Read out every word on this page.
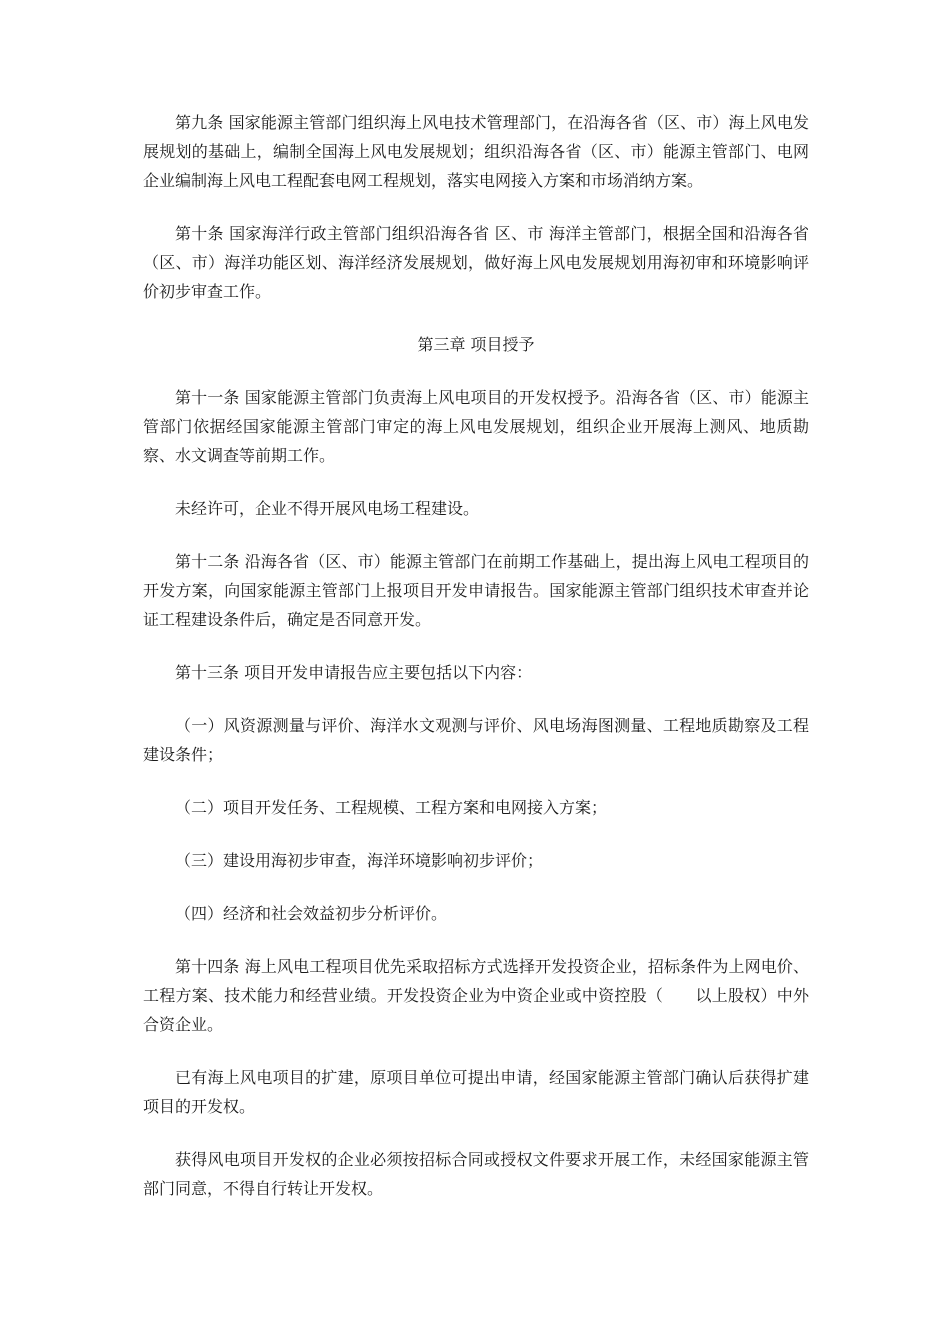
第九条 国家能源主管部门组织海上风电技术管理部门，在沿海各省（区、市）海上风电发展规划的基础上，编制全国海上风电发展规划；组织沿海各省（区、市）能源主管部门、电网企业编制海上风电工程配套电网工程规划，落实电网接入方案和市场消纳方案。

第十条 国家海洋行政主管部门组织沿海各省 区、市 海洋主管部门，根据全国和沿海各省（区、市）海洋功能区划、海洋经济发展规划，做好海上风电发展规划用海初审和环境影响评价初步审查工作。

第三章 项目授予

第十一条 国家能源主管部门负责海上风电项目的开发权授予。沿海各省（区、市）能源主管部门依据经国家能源主管部门审定的海上风电发展规划，组织企业开展海上测风、地质勘察、水文调查等前期工作。

未经许可，企业不得开展风电场工程建设。

第十二条 沿海各省（区、市）能源主管部门在前期工作基础上，提出海上风电工程项目的开发方案，向国家能源主管部门上报项目开发申请报告。国家能源主管部门组织技术审查并论证工程建设条件后，确定是否同意开发。

第十三条 项目开发申请报告应主要包括以下内容：

（一）风资源测量与评价、海洋水文观测与评价、风电场海图测量、工程地质勘察及工程建设条件；

（二）项目开发任务、工程规模、工程方案和电网接入方案；

（三）建设用海初步审查，海洋环境影响初步评价；

（四）经济和社会效益初步分析评价。

第十四条 海上风电工程项目优先采取招标方式选择开发投资企业，招标条件为上网电价、工程方案、技术能力和经营业绩。开发投资企业为中资企业或中资控股（ 以上股权）中外合资企业。

已有海上风电项目的扩建，原项目单位可提出申请，经国家能源主管部门确认后获得扩建项目的开发权。

获得风电项目开发权的企业必须按招标合同或授权文件要求开展工作，未经国家能源主管部门同意，不得自行转让开发权。
